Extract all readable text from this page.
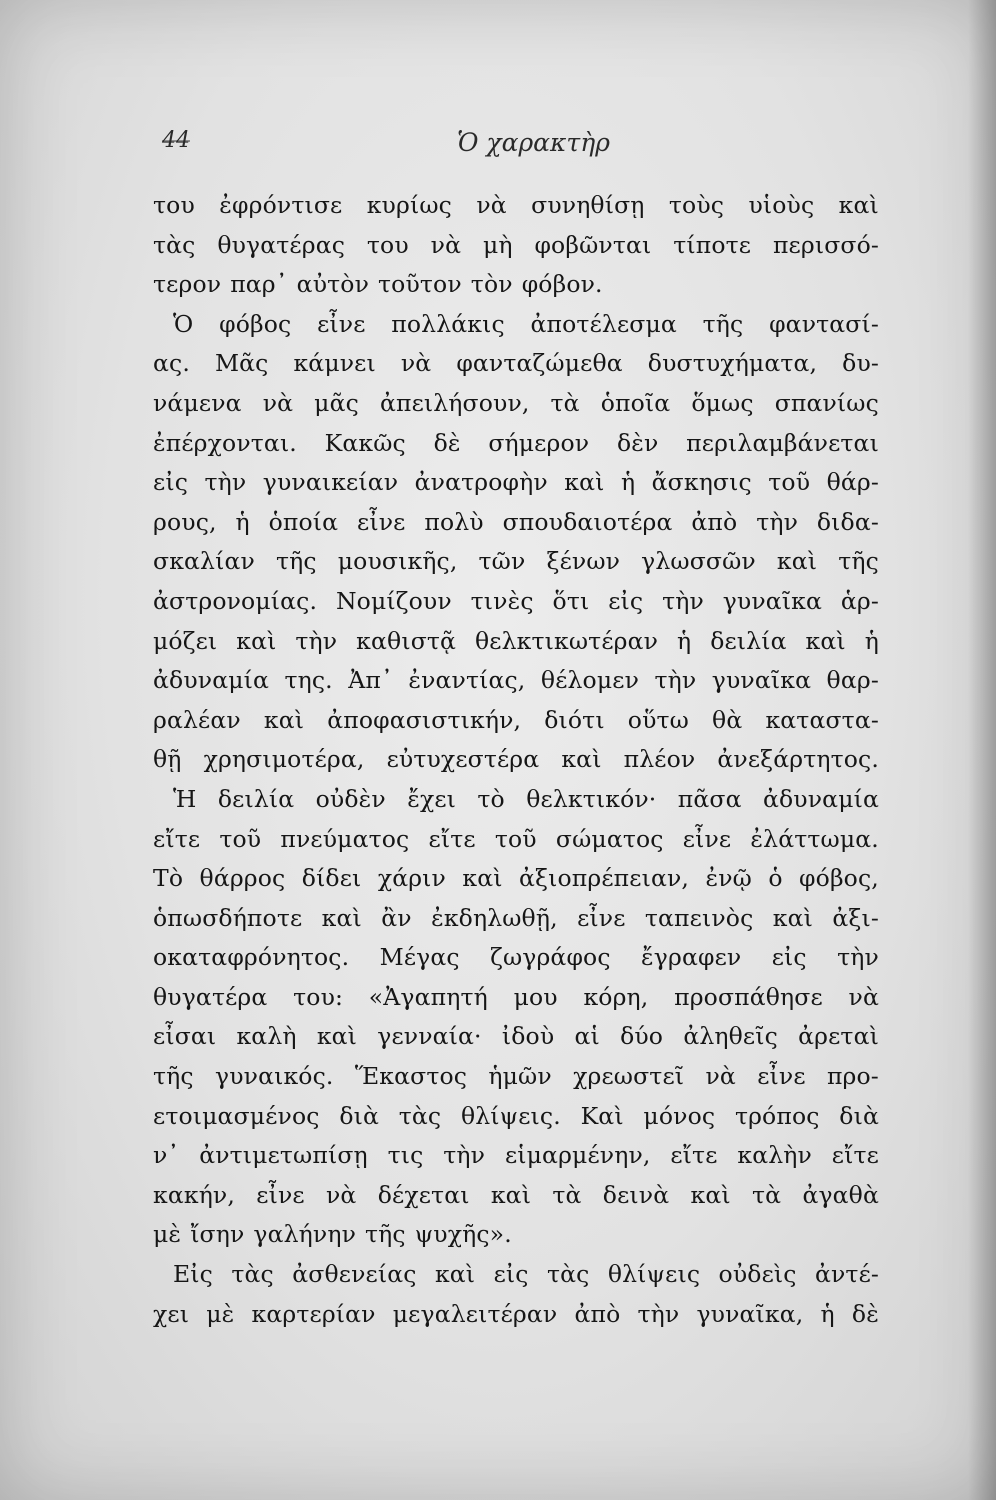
44	Ὁ χαρακτὴρ
του ἐφρόντισε κυρίως νὰ συνηθίσῃ τοὺς υἱοὺς καὶ
τὰς θυγατέρας του νὰ μὴ φοβῶνται τίποτε περισσό-
τερον παρ᾽ αὐτὸν τοῦτον τὸν φόβον.
Ὁ φόβος εἶνε πολλάκις ἀποτέλεσμα τῆς φαντασί-
ας. Μᾶς κάμνει νὰ φανταζώμεθα δυστυχήματα, δυ-
νάμενα νὰ μᾶς ἀπειλήσουν, τὰ ὁποῖα ὅμως σπανίως
ἐπέρχονται. Κακῶς δὲ σήμερον δὲν περιλαμβάνεται
εἰς τὴν γυναικείαν ἀνατροφὴν καὶ ἡ ἄσκησις τοῦ θάρ-
ρους, ἡ ὁποία εἶνε πολὺ σπουδαιοτέρα ἀπὸ τὴν διδα-
σκαλίαν τῆς μουσικῆς, τῶν ξένων γλωσσῶν καὶ τῆς
ἀστρονομίας. Νομίζουν τινὲς ὅτι εἰς τὴν γυναῖκα ἁρ-
μόζει καὶ τὴν καθιστᾷ θελκτικωτέραν ἡ δειλία καὶ ἡ
ἀδυναμία της. Ἀπ᾽ ἐναντίας, θέλομεν τὴν γυναῖκα θαρ-
ραλέαν καὶ ἀποφασιστικήν, διότι οὕτω θὰ καταστα-
θῇ χρησιμοτέρα, εὐτυχεστέρα καὶ πλέον ἀνεξάρτητος.
Ἡ δειλία οὐδὲν ἔχει τὸ θελκτικόν· πᾶσα ἀδυναμία
εἴτε τοῦ πνεύματος εἴτε τοῦ σώματος εἶνε ἐλάττωμα.
Τὸ θάρρος δίδει χάριν καὶ ἀξιοπρέπειαν, ἐνῷ ὁ φόβος,
ὁπωσδήποτε καὶ ἂν ἐκδηλωθῇ, εἶνε ταπεινὸς καὶ ἀξι-
οκαταφρόνητος. Μέγας ζωγράφος ἔγραφεν εἰς τὴν
θυγατέρα του: «Ἀγαπητή μου κόρη, προσπάθησε νὰ
εἶσαι καλὴ καὶ γενναία· ἰδοὺ αἱ δύο ἀληθεῖς ἀρεταὶ
τῆς γυναικός. Ἕκαστος ἡμῶν χρεωστεῖ νὰ εἶνε προ-
ετοιμασμένος διὰ τὰς θλίψεις. Καὶ μόνος τρόπος διὰ
ν᾽ ἀντιμετωπίσῃ τις τὴν εἱμαρμένην, εἴτε καλὴν εἴτε
κακήν, εἶνε νὰ δέχεται καὶ τὰ δεινὰ καὶ τὰ ἀγαθὰ
μὲ ἴσην γαλήνην τῆς ψυχῆς».
Εἰς τὰς ἀσθενείας καὶ εἰς τὰς θλίψεις οὐδεὶς ἀντέ-
χει μὲ καρτερίαν μεγαλειτέραν ἀπὸ τὴν γυναῖκα, ἡ δὲ
